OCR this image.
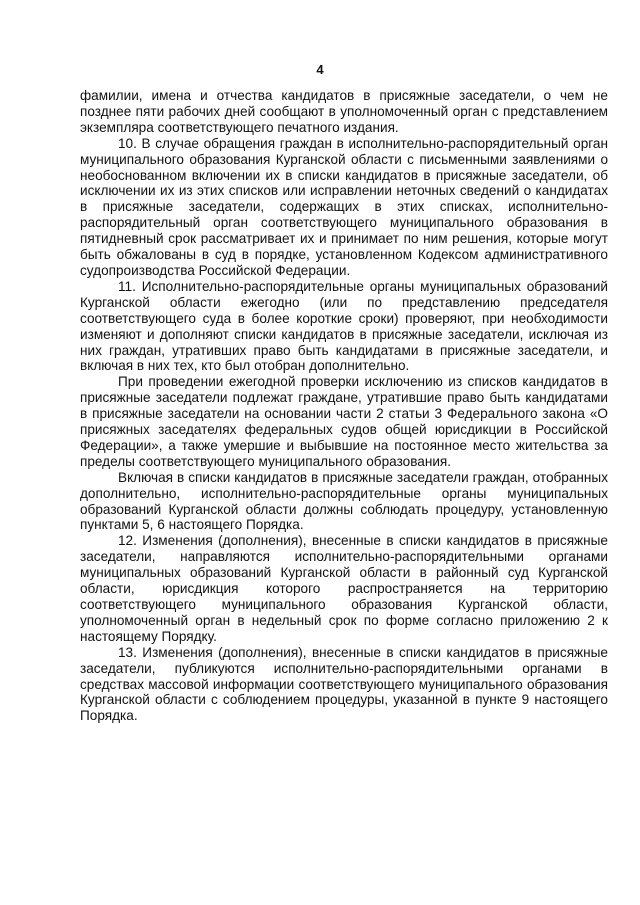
4

фамилии, имена и отчества кандидатов в присяжные заседатели, о чем не позднее пяти рабочих дней сообщают в уполномоченный орган с представлением экземпляра соответствующего печатного издания.

10. В случае обращения граждан в исполнительно-распорядительный орган муниципального образования Курганской области с письменными заявлениями о необоснованном включении их в списки кандидатов в присяжные заседатели, об исключении их из этих списков или исправлении неточных сведений о кандидатах в присяжные заседатели, содержащих в этих списках, исполнительно-распорядительный орган соответствующего муниципального образования в пятидневный срок рассматривает их и принимает по ним решения, которые могут быть обжалованы в суд в порядке, установленном Кодексом административного судопроизводства Российской Федерации.

11. Исполнительно-распорядительные органы муниципальных образований Курганской области ежегодно (или по представлению председателя соответствующего суда в более короткие сроки) проверяют, при необходимости изменяют и дополняют списки кандидатов в присяжные заседатели, исключая из них граждан, утративших право быть кандидатами в присяжные заседатели, и включая в них тех, кто был отобран дополнительно.

При проведении ежегодной проверки исключению из списков кандидатов в присяжные заседатели подлежат граждане, утратившие право быть кандидатами в присяжные заседатели на основании части 2 статьи 3 Федерального закона «О присяжных заседателях федеральных судов общей юрисдикции в Российской Федерации», а также умершие и выбывшие на постоянное место жительства за пределы соответствующего муниципального образования.

Включая в списки кандидатов в присяжные заседатели граждан, отобранных дополнительно, исполнительно-распорядительные органы муниципальных образований Курганской области должны соблюдать процедуру, установленную пунктами 5, 6 настоящего Порядка.

12. Изменения (дополнения), внесенные в списки кандидатов в присяжные заседатели, направляются исполнительно-распорядительными органами муниципальных образований Курганской области в районный суд Курганской области, юрисдикция которого распространяется на территорию соответствующего муниципального образования Курганской области, уполномоченный орган в недельный срок по форме согласно приложению 2 к настоящему Порядку.

13. Изменения (дополнения), внесенные в списки кандидатов в присяжные заседатели, публикуются исполнительно-распорядительными органами в средствах массовой информации соответствующего муниципального образования Курганской области с соблюдением процедуры, указанной в пункте 9 настоящего Порядка.
